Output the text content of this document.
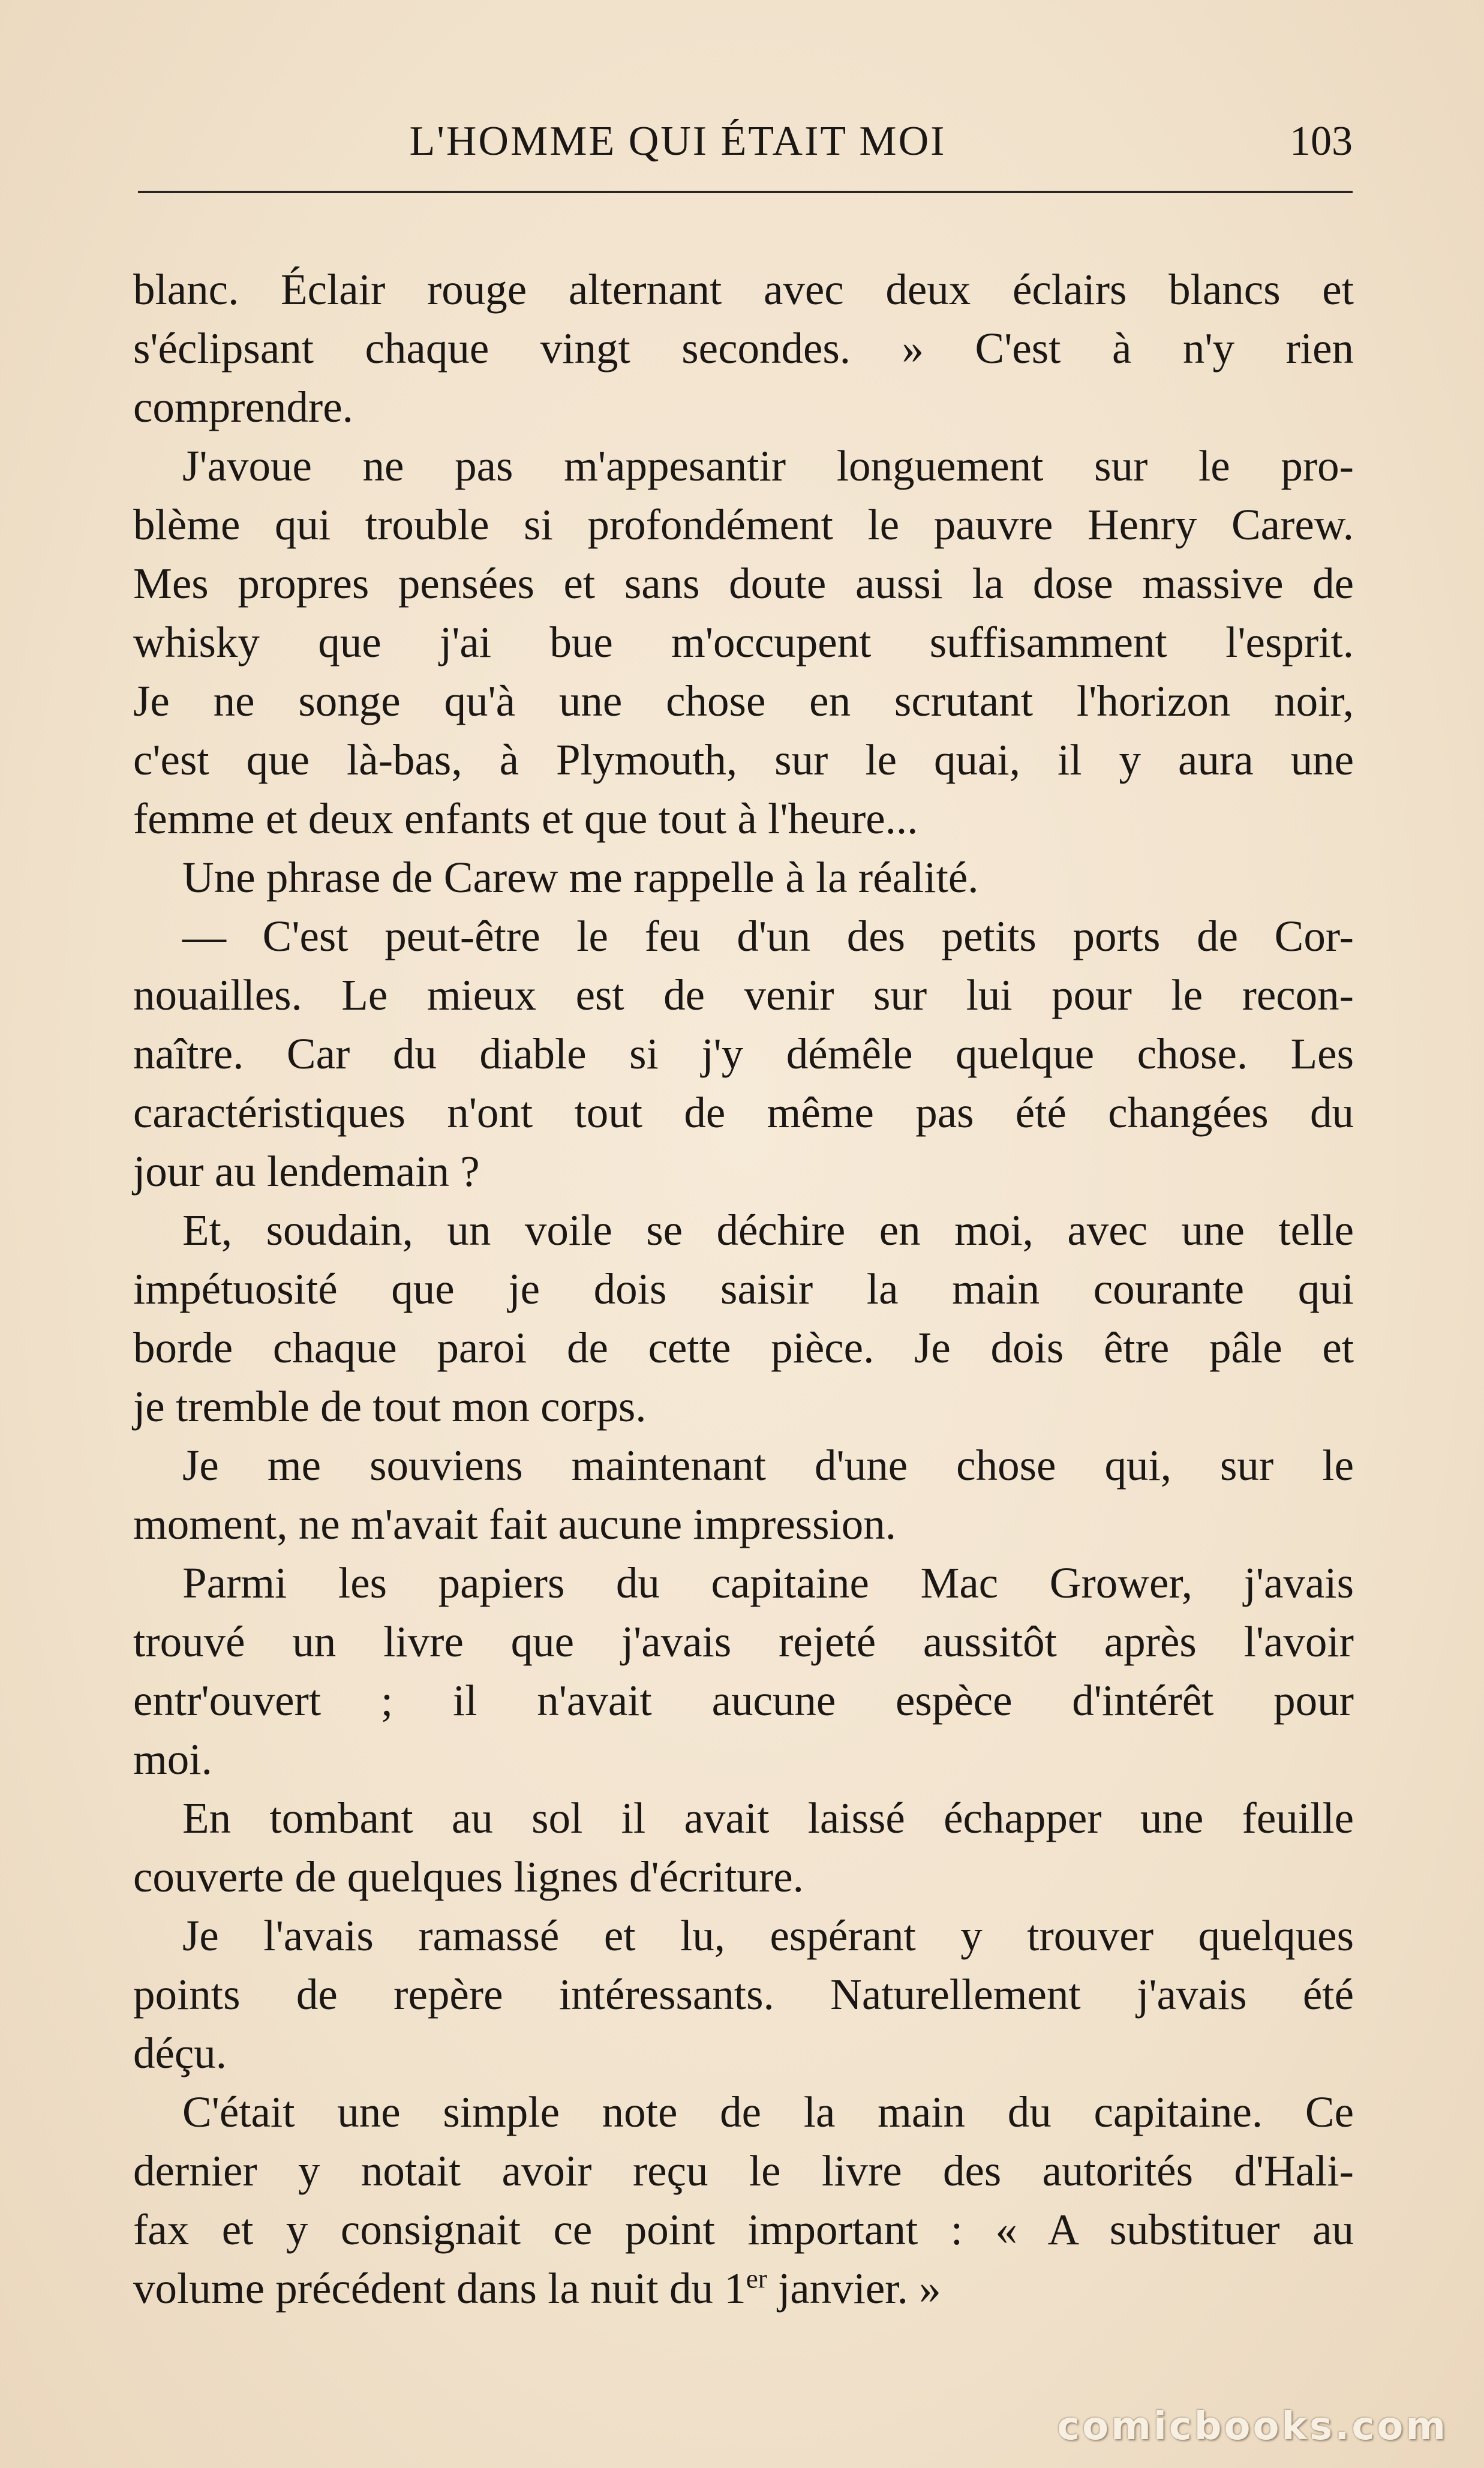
L'HOMME QUI ÉTAIT MOI	103
blanc. Éclair rouge alternant avec deux éclairs blancs et
s'éclipsant chaque vingt secondes. » C'est à n'y rien
comprendre.
J'avoue ne pas m'appesantir longuement sur le pro-
blème qui trouble si profondément le pauvre Henry Carew.
Mes propres pensées et sans doute aussi la dose massive de
whisky que j'ai bue m'occupent suffisamment l'esprit.
Je ne songe qu'à une chose en scrutant l'horizon noir,
c'est que là-bas, à Plymouth, sur le quai, il y aura une
femme et deux enfants et que tout à l'heure...
Une phrase de Carew me rappelle à la réalité.
— C'est peut-être le feu d'un des petits ports de Cor-
nouailles. Le mieux est de venir sur lui pour le recon-
naître. Car du diable si j'y démêle quelque chose. Les
caractéristiques n'ont tout de même pas été changées du
jour au lendemain ?
Et, soudain, un voile se déchire en moi, avec une telle
impétuosité que je dois saisir la main courante qui
borde chaque paroi de cette pièce. Je dois être pâle et
je tremble de tout mon corps.
Je me souviens maintenant d'une chose qui, sur le
moment, ne m'avait fait aucune impression.
Parmi les papiers du capitaine Mac Grower, j'avais
trouvé un livre que j'avais rejeté aussitôt après l'avoir
entr'ouvert ; il n'avait aucune espèce d'intérêt pour
moi.
En tombant au sol il avait laissé échapper une feuille
couverte de quelques lignes d'écriture.
Je l'avais ramassé et lu, espérant y trouver quelques
points de repère intéressants. Naturellement j'avais été
déçu.
C'était une simple note de la main du capitaine. Ce
dernier y notait avoir reçu le livre des autorités d'Hali-
fax et y consignait ce point important : « A substituer au
volume précédent dans la nuit du 1er janvier. »
comicbooks.com
